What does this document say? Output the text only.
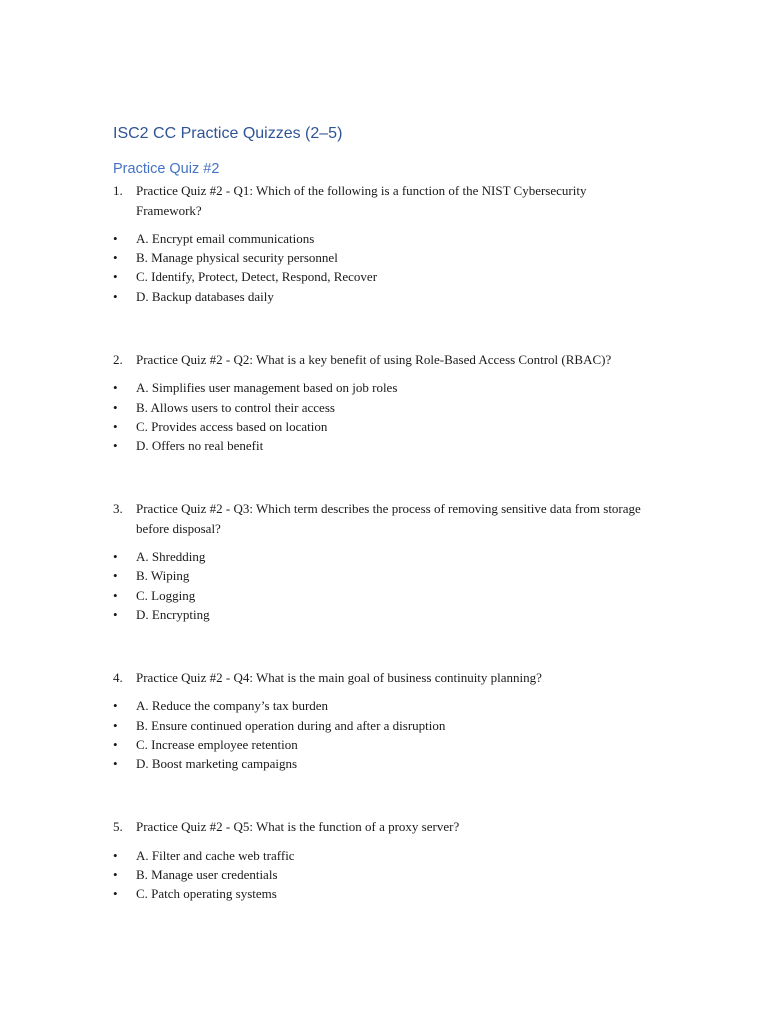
ISC2 CC Practice Quizzes (2–5)
Practice Quiz #2
1.	Practice Quiz #2 - Q1: Which of the following is a function of the NIST Cybersecurity Framework?
•	A. Encrypt email communications
•	B. Manage physical security personnel
•	C. Identify, Protect, Detect, Respond, Recover
•	D. Backup databases daily
2.	Practice Quiz #2 - Q2: What is a key benefit of using Role-Based Access Control (RBAC)?
•	A. Simplifies user management based on job roles
•	B. Allows users to control their access
•	C. Provides access based on location
•	D. Offers no real benefit
3.	Practice Quiz #2 - Q3: Which term describes the process of removing sensitive data from storage before disposal?
•	A. Shredding
•	B. Wiping
•	C. Logging
•	D. Encrypting
4.	Practice Quiz #2 - Q4: What is the main goal of business continuity planning?
•	A. Reduce the company’s tax burden
•	B. Ensure continued operation during and after a disruption
•	C. Increase employee retention
•	D. Boost marketing campaigns
5.	Practice Quiz #2 - Q5: What is the function of a proxy server?
•	A. Filter and cache web traffic
•	B. Manage user credentials
•	C. Patch operating systems
